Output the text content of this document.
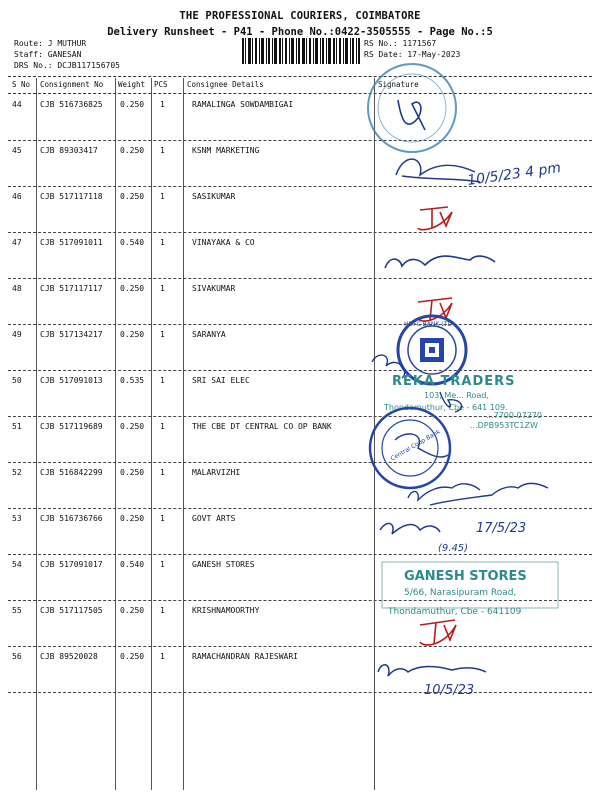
THE PROFESSIONAL COURIERS, COIMBATORE
Delivery Runsheet - P41 - Phone No.:0422-3505555 - Page No.:5
Route: J MUTHUR
Staff: GANESAN
DRS No.: DCJB117156705
RS No.: 1171567
RS Date: 17-May-2023
S No Consignment No Weight PCS	Consignee Details	Signature
44 CJB 516736825 0.250 1	RAMALINGA SOWDAMBIGAI
45 CJB 89303417	0.250 1	KSNM MARKETING
46 CJB 517117118 0.250 1	SASIKUMAR
47 CJB 517091011 0.540 1	VINAYAKA & CO
48 CJB 517117117 0.250 1	SIVAKUMAR
49 CJB 517134217 0.250 1	SARANYA
50 CJB 517091013 0.535 1	SRI SAI ELEC
51 CJB 517119689 0.250 1	THE CBE DT CENTRAL CO OP BANK
52 CJB 516842299 0.250 1	MALARVIZHI
53 CJB 516736766 0.250 1	GOVT ARTS
54 CJB 517091017 0.540 1	GANESH STORES
55 CJB 517117505 0.250 1	KRISHNAMOORTHY
56 CJB 89520028	0.250 1	RAMACHANDRAN RAJESWARI
10/5/23 4 pm
HDFC BANK LTD
REKA TRADERS
103, Me... Road,
Thondamuthur, Cbe - 641 109.
...7700 07270
...DPB953TC1ZW
Central Coop Bank
17/5/23
(9.45)
GANESH STORES
5/66, Narasipuram Road,
Thondamuthur, Cbe - 641109
10/5/23
